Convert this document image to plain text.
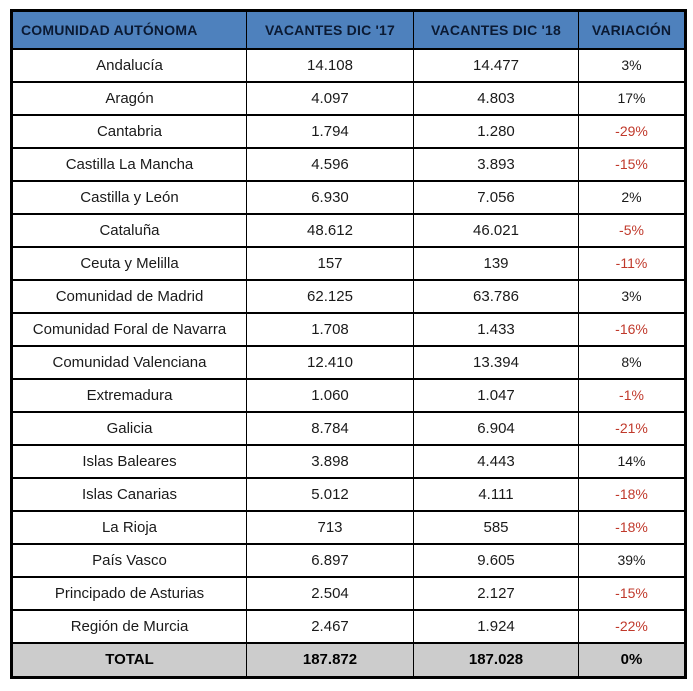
COMUNIDAD AUTÓNOMA	VACANTES DIC '17	VACANTES DIC '18	VARIACIÓN
Andalucía	14.108	14.477	3%
Aragón	4.097	4.803	17%
Cantabria	1.794	1.280	-29%
Castilla La Mancha	4.596	3.893	-15%
Castilla y León	6.930	7.056	2%
Cataluña	48.612	46.021	-5%
Ceuta y Melilla	157	139	-11%
Comunidad de Madrid	62.125	63.786	3%
Comunidad Foral de Navarra	1.708	1.433	-16%
Comunidad Valenciana	12.410	13.394	8%
Extremadura	1.060	1.047	-1%
Galicia	8.784	6.904	-21%
Islas Baleares	3.898	4.443	14%
Islas Canarias	5.012	4.111	-18%
La Rioja	713	585	-18%
País Vasco	6.897	9.605	39%
Principado de Asturias	2.504	2.127	-15%
Región de Murcia	2.467	1.924	-22%
TOTAL	187.872	187.028	0%
